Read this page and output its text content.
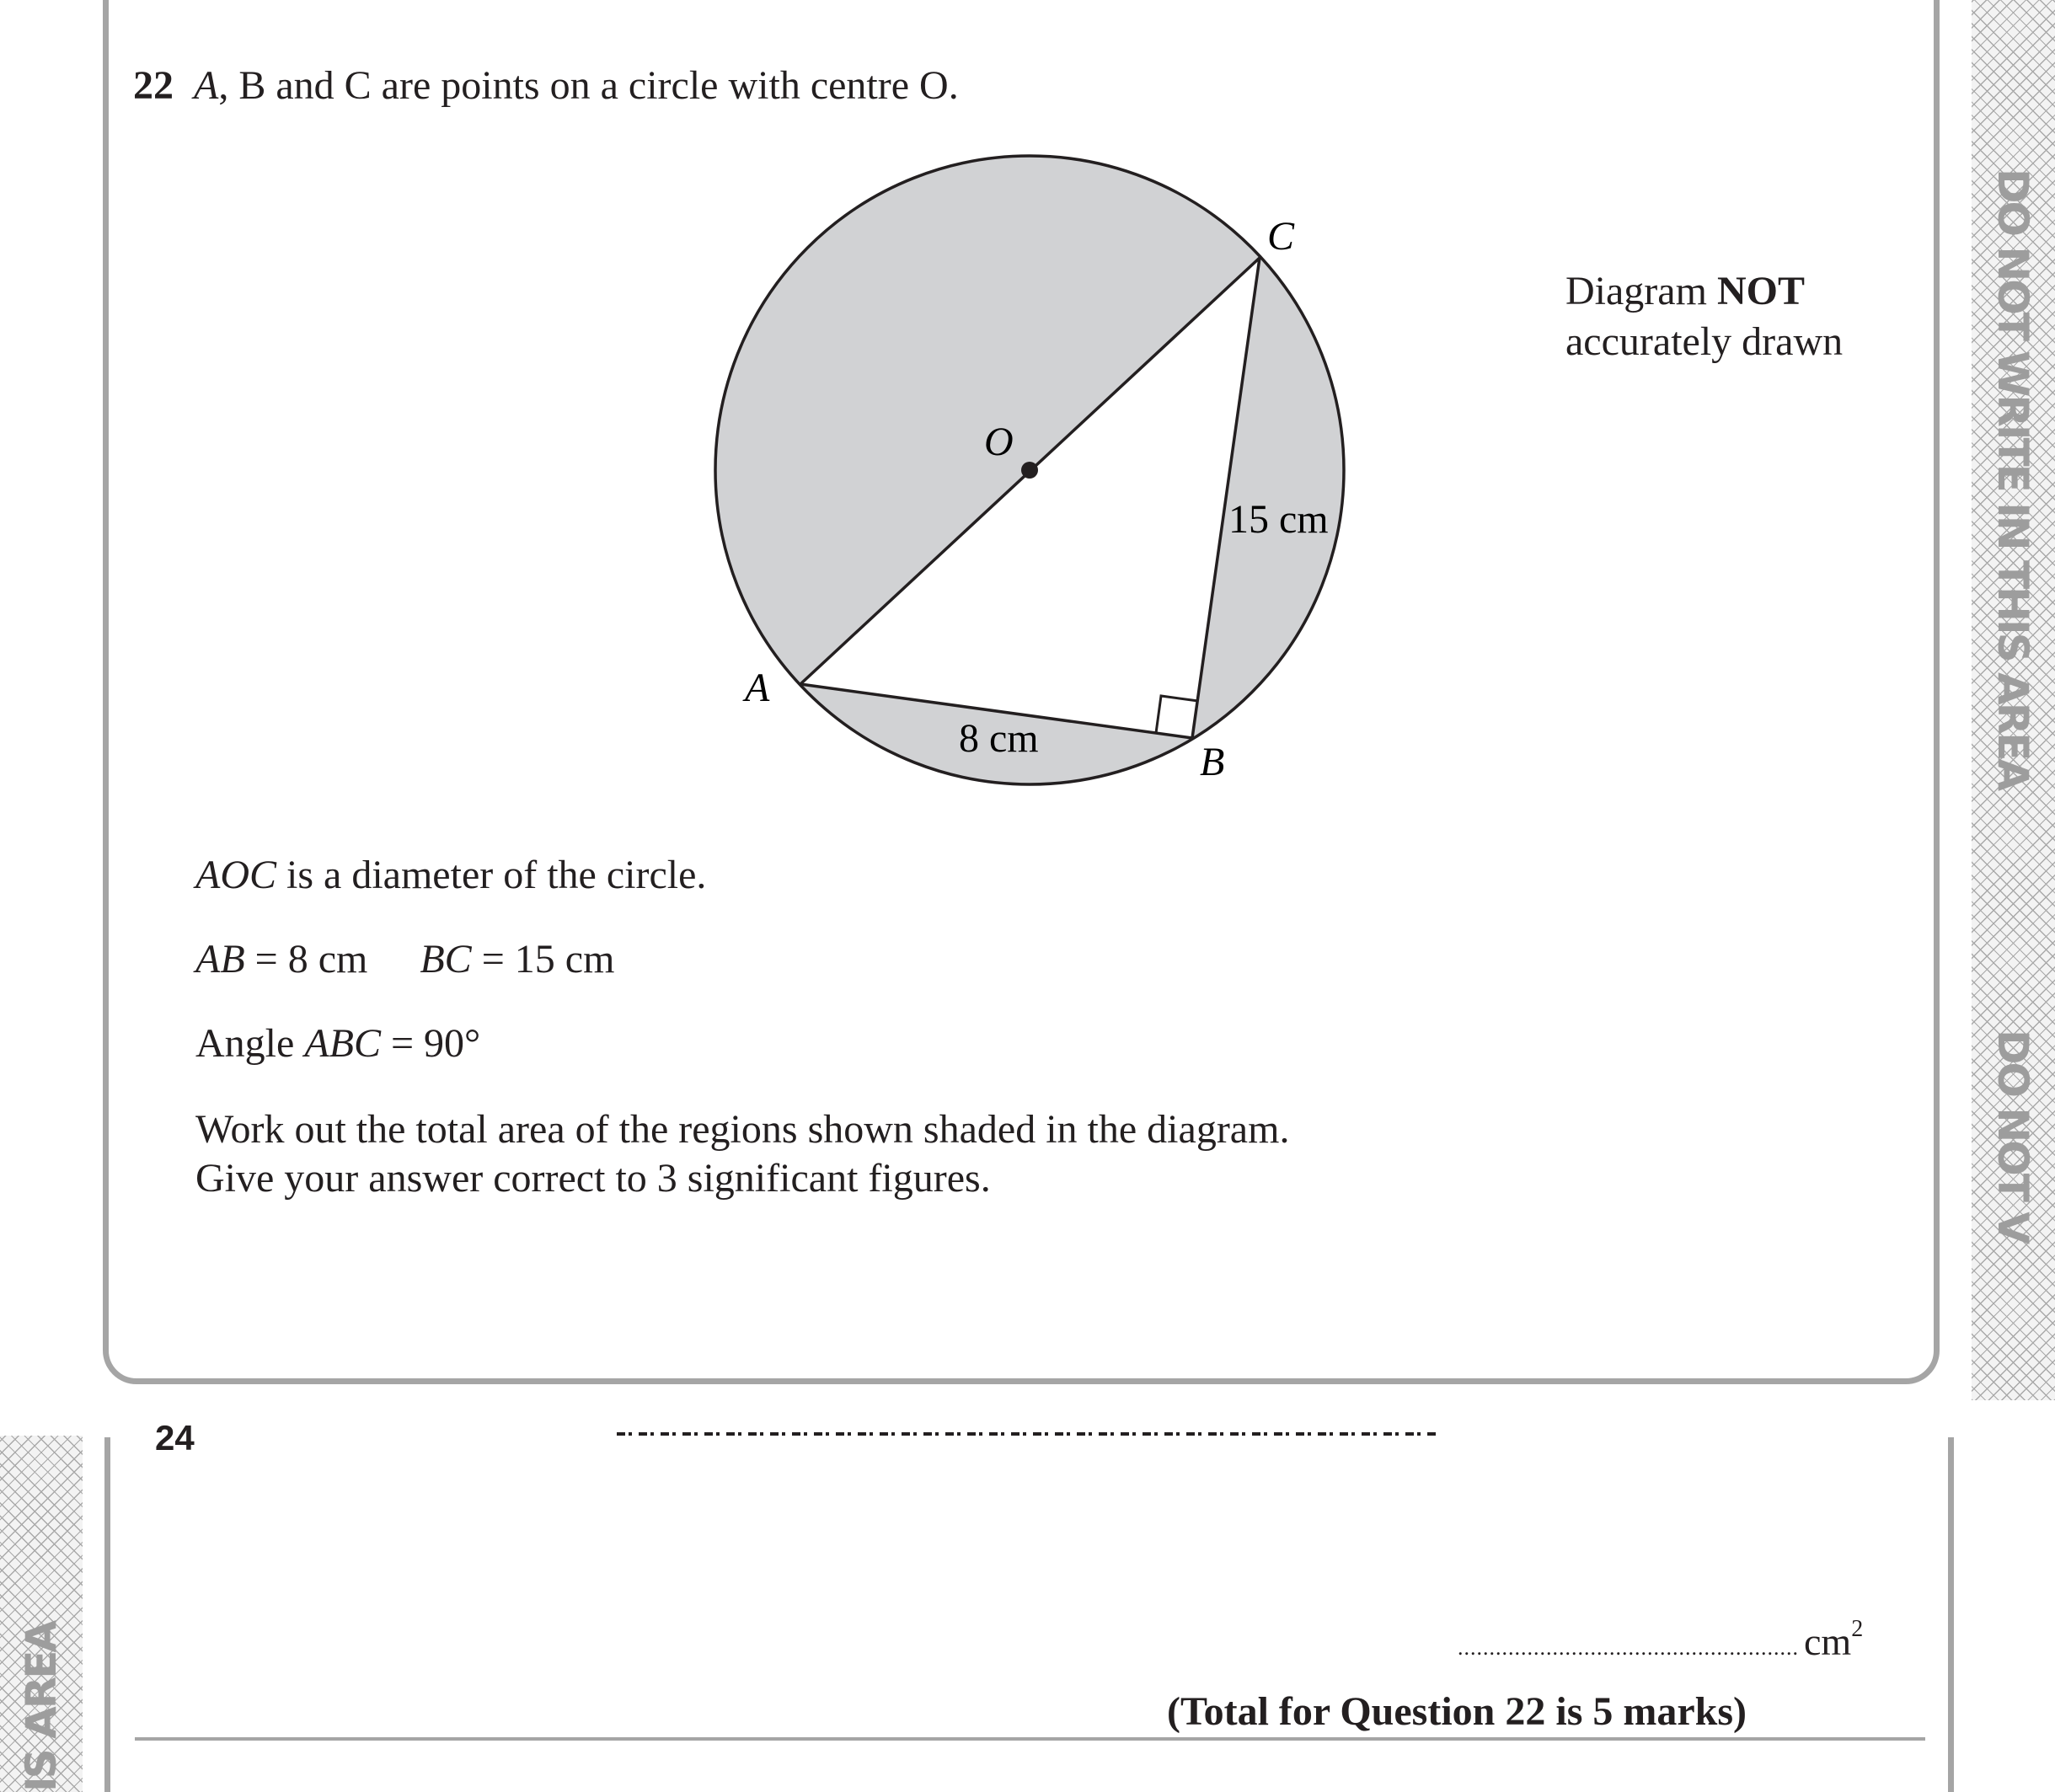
DO NOT WRITE IN THIS AREA
DO NOT V
IS AREA
22 A, B and C are points on a circle with centre O.
Diagram NOT
accurately drawn
O
A
B
C
8 cm
15 cm
AOC is a diameter of the circle.
AB = 8 cm BC = 15 cm
Angle ABC = 90°
Work out the total area of the regions shown shaded in the diagram.
Give your answer correct to 3 significant figures.
24
...................................................... $cm^2$
(Total for Question 22 is 5 marks)
